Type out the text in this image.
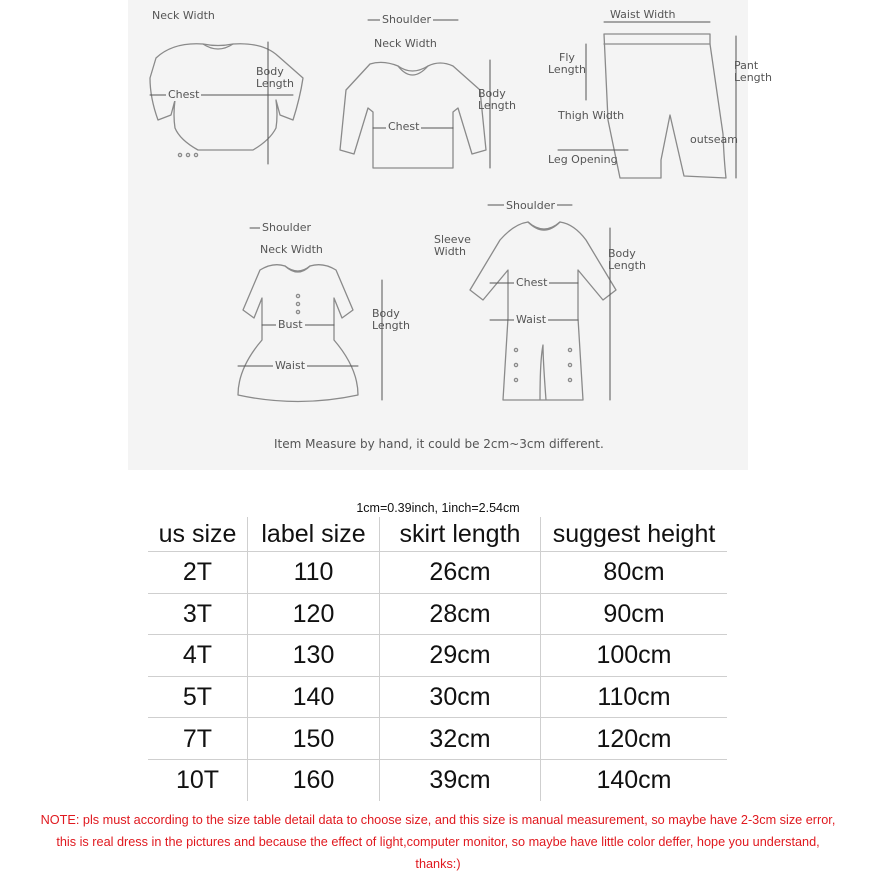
Neck Width
Body
Length
Chest
Shoulder
Neck Width
Body
Length
Chest
Waist Width
Fly
Length	Pant
Length
Thigh Width
outseam
Leg Opening
Shoulder
Neck Width
Body
Length
Bust
Waist
Shoulder
Sleeve
Width	Body
Length
Chest
Waist
Item Measure by hand, it could be 2cm~3cm different.
1cm=0.39inch, 1inch=2.54cm
us size	label size	skirt length	suggest height
2T	110	26cm	80cm
3T	120	28cm	90cm
4T	130	29cm	100cm
5T	140	30cm	110cm
7T	150	32cm	120cm
10T	160	39cm	140cm
NOTE: pls must according to the size table detail data to choose size, and this size is manual measurement, so maybe have 2-3cm size error, this is real dress in the pictures and because the effect of light,computer monitor, so maybe have little color deffer, hope you understand, thanks:)
